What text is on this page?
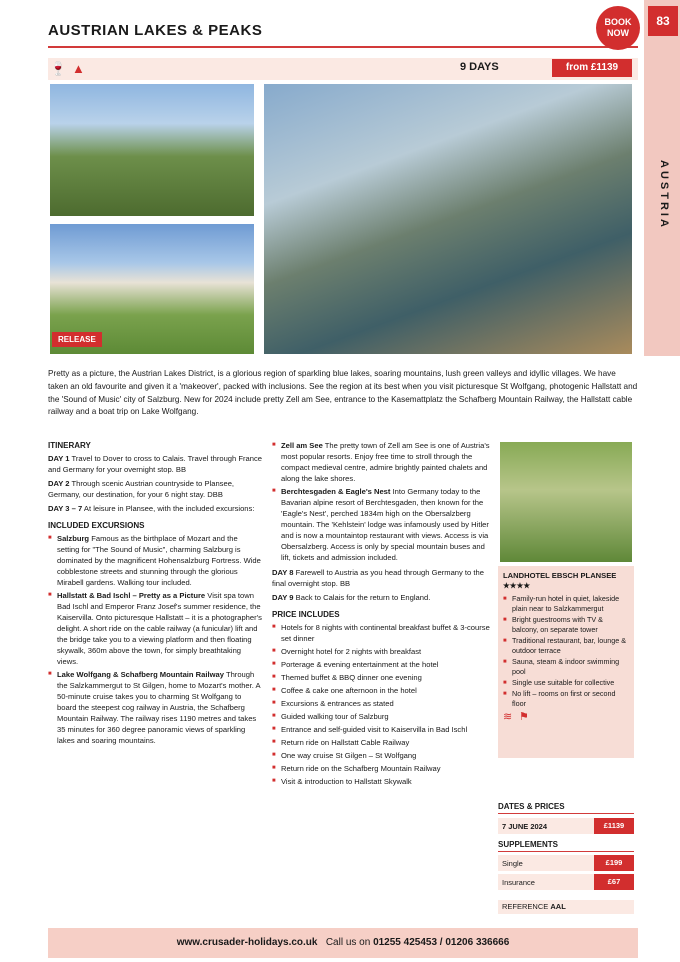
AUSTRIAN LAKES & PEAKS	BOOK NOW
83
AUSTRIA
🍷 ▲	9 DAYS	from £1139
RELEASE
Pretty as a picture, the Austrian Lakes District, is a glorious region of sparkling blue lakes, soaring mountains, lush green valleys and idyllic villages. We have taken an old favourite and given it a 'makeover', packed with inclusions. See the region at its best when you visit picturesque St Wolfgang, photogenic Hallstatt and the 'Sound of Music' city of Salzburg. New for 2024 include pretty Zell am See, entrance to the Kasemattplatz the Schafberg Mountain Railway, the Hallstatt cable railway and a boat trip on Lake Wolfgang.
ITINERARY

DAY 1 Travel to Dover to cross to Calais. Travel through France and Germany for your overnight stop. BB

DAY 2 Through scenic Austrian countryside to Plansee, Germany, our destination, for your 6 night stay. DBB

DAY 3 – 7 At leisure in Plansee, with the included excursions:

INCLUDED EXCURSIONS
■ Salzburg Famous as the birthplace of Mozart and the setting for "The Sound of Music", charming Salzburg is dominated by the magnificent Hohensalzburg Fortress. Wide cobblestone streets and stunning through the glorious Mirabell gardens. Walking tour included.
■ Hallstatt & Bad Ischl – Pretty as a Picture Visit spa town Bad Ischl and Emperor Franz Josef's summer residence, the Kaiservilla. Onto picturesque Hallstatt – it is a photographer's delight. A short ride on the cable railway (a funicular) lift and the bridge take you to a viewing platform and then floating skywalk, 360m above the town, for simply breathtaking views.
■ Lake Wolfgang & Schafberg Mountain Railway Through the Salzkammergut to St Gilgen, home to Mozart's mother. A 50-minute cruise takes you to charming St Wolfgang to board the steepest cog railway in Austria, the Schafberg Mountain Railway. The railway rises 1190 metres and takes 35 minutes for 360 degree panoramic views of sparkling lakes and soaring mountains.
■ Zell am See The pretty town of Zell am See is one of Austria's most popular resorts. Enjoy free time to stroll through the compact medieval centre, admire brightly painted chalets and along the lake shores.
■ Berchtesgaden & Eagle's Nest Into Germany today to the Bavarian alpine resort of Berchtesgaden, then known for the 'Eagle's Nest', perched 1834m high on the Obersalzberg mountain. The 'Kehlstein' lodge was infamously used by Hitler and is now a mountaintop restaurant with views. Access is via Obersalzberg. Access is only by special mountain buses and lift, tickets and admission included.

DAY 8 Farewell to Austria as you head through Germany to the final overnight stop. BB

DAY 9 Back to Calais for the return to England.

PRICE INCLUDES
■ Hotels for 8 nights with continental breakfast buffet & 3-course set dinner
■ Overnight hotel for 2 nights with breakfast
■ Porterage & evening entertainment at the hotel
■ Themed buffet & BBQ dinner one evening
■ Coffee & cake one afternoon in the hotel
■ Excursions & entrances as stated
■ Guided walking tour of Salzburg
■ Entrance and self-guided visit to Kaiservilla in Bad Ischl
■ Return ride on Hallstatt Cable Railway
■ One way cruise St Gilgen – St Wolfgang
■ Return ride on the Schafberg Mountain Railway
■ Visit & introduction to Hallstatt Skywalk
LANDHOTEL EBSCH PLANSEE ★★★★
■ Family-run hotel in quiet, lakeside plain near to Salzkammergut
■ Bright guestrooms with TV & balcony, on separate tower
■ Traditional restaurant, bar, lounge & outdoor terrace
■ Sauna, steam & indoor swimming pool
■ Single use suitable for collective
■ No lift – rooms on first or second floor
≋ ⚑
DATES & PRICES
7 JUNE 2024	£1139
SUPPLEMENTS
Single	£199
Insurance	£67
REFERENCE AAL
www.crusader-holidays.co.uk Call us on 01255 425453 / 01206 336666
